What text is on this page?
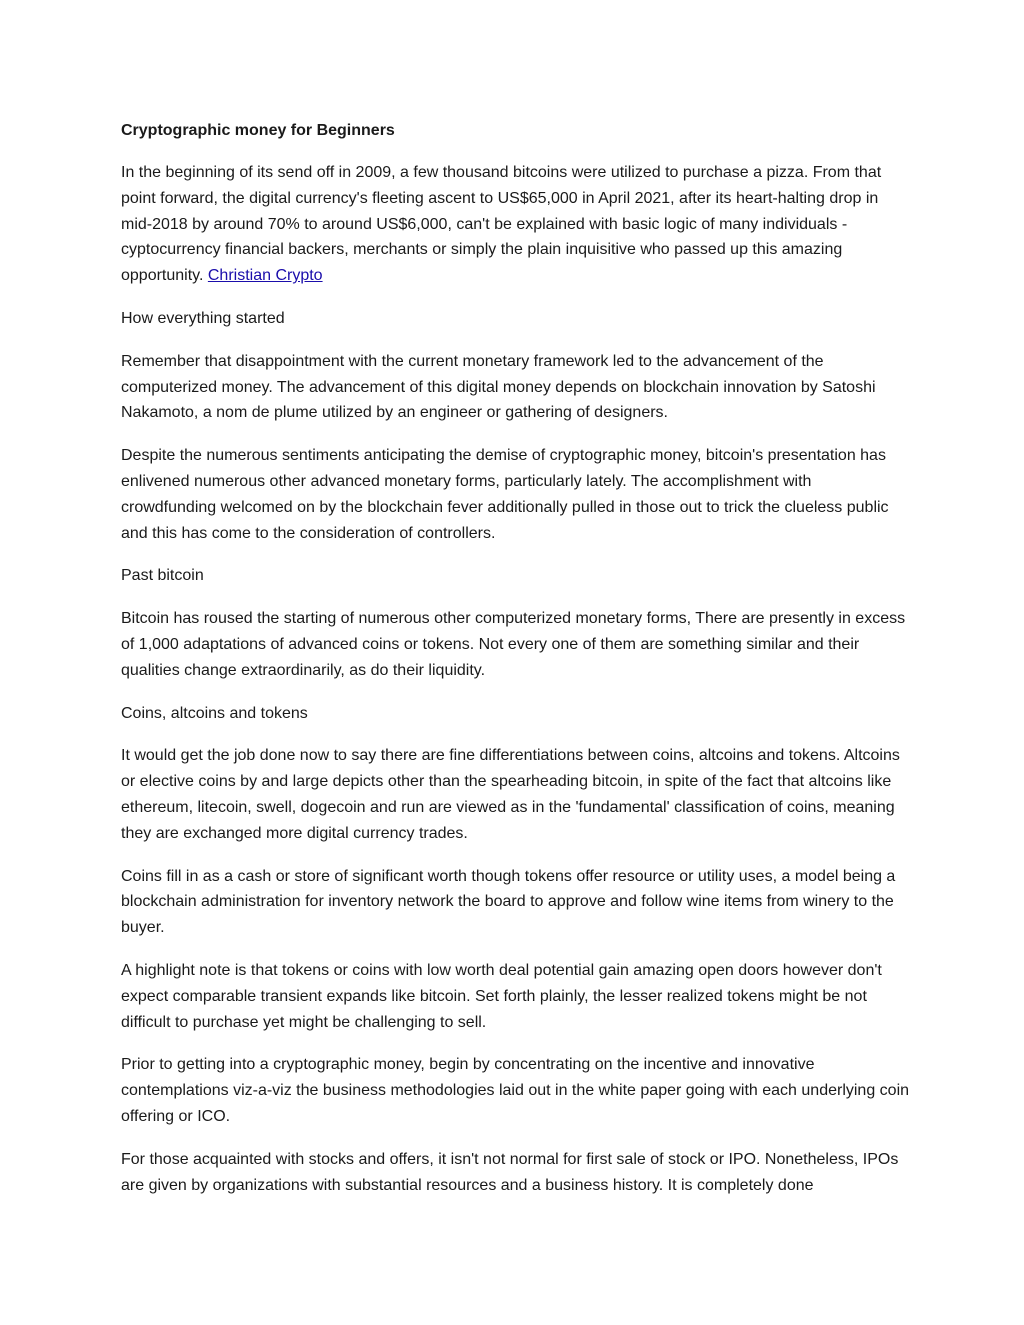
Cryptographic money for Beginners

In the beginning of its send off in 2009, a few thousand bitcoins were utilized to purchase a pizza. From that point forward, the digital currency's fleeting ascent to US$65,000 in April 2021, after its heart-halting drop in mid-2018 by around 70% to around US$6,000, can't be explained with basic logic of many individuals - cyptocurrency financial backers, merchants or simply the plain inquisitive who passed up this amazing opportunity. Christian Crypto

How everything started

Remember that disappointment with the current monetary framework led to the advancement of the computerized money. The advancement of this digital money depends on blockchain innovation by Satoshi Nakamoto, a nom de plume utilized by an engineer or gathering of designers.

Despite the numerous sentiments anticipating the demise of cryptographic money, bitcoin's presentation has enlivened numerous other advanced monetary forms, particularly lately. The accomplishment with crowdfunding welcomed on by the blockchain fever additionally pulled in those out to trick the clueless public and this has come to the consideration of controllers.

Past bitcoin

Bitcoin has roused the starting of numerous other computerized monetary forms, There are presently in excess of 1,000 adaptations of advanced coins or tokens. Not every one of them are something similar and their qualities change extraordinarily, as do their liquidity.

Coins, altcoins and tokens

It would get the job done now to say there are fine differentiations between coins, altcoins and tokens. Altcoins or elective coins by and large depicts other than the spearheading bitcoin, in spite of the fact that altcoins like ethereum, litecoin, swell, dogecoin and run are viewed as in the 'fundamental' classification of coins, meaning they are exchanged more digital currency trades.

Coins fill in as a cash or store of significant worth though tokens offer resource or utility uses, a model being a blockchain administration for inventory network the board to approve and follow wine items from winery to the buyer.

A highlight note is that tokens or coins with low worth deal potential gain amazing open doors however don't expect comparable transient expands like bitcoin. Set forth plainly, the lesser realized tokens might be not difficult to purchase yet might be challenging to sell.

Prior to getting into a cryptographic money, begin by concentrating on the incentive and innovative contemplations viz-a-viz the business methodologies laid out in the white paper going with each underlying coin offering or ICO.

For those acquainted with stocks and offers, it isn't not normal for first sale of stock or IPO. Nonetheless, IPOs are given by organizations with substantial resources and a business history. It is completely done
